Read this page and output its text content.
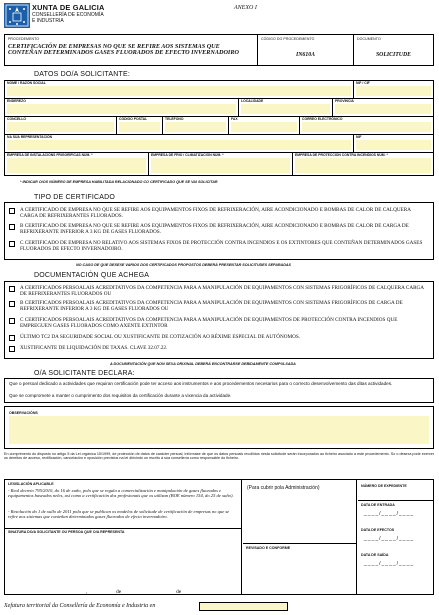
XUNTA DE GALICIA
CONSELLERÍA DE ECONOMÍA
E INDUSTRIA
ANEXO I
PROCEDEMENTO
CERTIFICACIÓN DE EMPRESAS NO QUE SE REFIRE AOS SISTEMAS QUE CONTEÑAN DETERMINADOS GASES FLUORADOS DE EFECTO INVERNADOIRO
CÓDIGO DO PROCEDEMENTO
IN610A
DOCUMENTO
SOLICITUDE
DATOS DO/A SOLICITANTE:
NOME / RAZÓN SOCIAL	NIF / CIF
ENDEREZO	LOCALIDADE	PROVINCIA
CONCELLO	CÓDIGO POSTAL	TELÉFONO	FAX	CORREO ELECTRÓNICO
NA SÚA REPRESENTACIÓN	NIF
EMPRESA DE INSTALACIÓNS FRIGORÍFICAS NÚM. *	EMPRESA DE FRIO / CLIMATIZACIÓN NÚM. *	EMPRESA DE PROTECCIÓN CONTRA INCENDIOS NÚM. *
* INDICAR O/OS NÚMERO DE EMPRESA HABILITADA RELACIONADO CO CERTIFICADO QUE SE VAI SOLICITAR
TIPO DE CERTIFICADO
A CERTIFICADO DE EMPRESA NO QUE SE REFIRE AOS EQUIPAMENTOS FIXOS DE REFRIXERACIÓN, AIRE ACONDICIONADO E BOMBAS DE CALOR DE CALQUERA CARGA DE REFRIXERANTES FLUORADOS.
B CERTIFICADO DE EMPRESA NO QUE SE REFIRE AOS EQUIPAMENTOS FIXOS DE REFRIXERACIÓN, AIRE ACONDICIONADO E BOMBAS DE CALOR DE CARGA DE REFRIXERANTE INFERIOR A 3 KG DE GASES FLUORADOS.
C CERTIFICADO DE EMPRESA NO RELATIVO AOS SISTEMAS FIXOS DE PROTECCIÓN CONTRA INCENDIOS E OS EXTINTORES QUE CONTEÑAN DETERMINADOS GASES FLUORADOS DE EFECTO INVERNADOIRO.
NO CASO DE QUE DESEXE VARIOS DOS CERTIFICADOS PROPOSTOS DEBERÁ PRESENTAR SOLICITUDES SEPARADAS
DOCUMENTACIÓN QUE ACHEGA
A CERTIFICADOS PERSOALAIS ACREDITATIVOS DA COMPETENCIA PARA A MANIPULACIÓN DE EQUIPAMENTOS CON SISTEMAS FRIGORÍFICOS DE CALQUERA CARGA DE REFRIXERANTES FLUORADOS OU
B CERTIFICADOS PERSOALAIS ACREDITATIVOS DA COMPETENCIA PARA A MANIPULACIÓN DE EQUIPAMENTOS CON SISTEMAS FRIGORÍFICOS DE CARGA DE REFRIXERANTE INFERIOR A 3 KG DE GASES FLUORADOS OU
C CERTIFICADOS PERSOALAIS ACREDITATIVOS DA COMPETENCIA PARA A MANIPULACIÓN DE EQUIPAMENTOS DE PROTECCIÓN CONTRA INCENDIOS QUE EMPREGUEN GASES FLUORADOS COMO AXENTE EXTINTOR
ÚLTIMO TC2 DA SEGURIDADE SOCIAL OU XUSTIFICANTE DE COTIZACIÓN AO RÉXIME ESPECIAL DE AUTÓNOMOS.
XUSTIFICANTE DE LIQUIDACIÓN DE TAXAS. CLAVE 32.07.22.
A DOCUMENTACIÓN QUE NON SEXA ORIXINAL DEBERÁ ENCONTRARSE DEBIDAMENTE COMPULSADA
O/A SOLICITANTE DECLARA:
Que o persoal dedicado a actividades que requiran certificación pode ter acceso aos instrumentos e aos procedementos necesarios para o correcto desenvolvemento das ditas actividades.
Que se compromete a manter o cumprimento dos requisitos da certificación durante a vixencia da actividade.
OBSERVACIÓNS
En cumprimento do disposto no artigo 5 da Lei orgánica 15/1999, de protección de datos de carácter persoal, infórmase de que os datos persoais recollidos nesta solicitude serán incorporados ao ficheiro asociado a este procedemento. So o desexa pode exercer os dereitos de acceso, rectificación, cancelación e oposición previstos na lei dirixindo un escrito á súa consellería como responsable do ficheiro.
LEXISLACIÓN APLICABLE
- Real decreto 795/2010, do 16 de xuño, polo que se regula a comercialización e manipulación de gases fluorados e equipamentos baseados neles, así como a certificación dos profesionais que os utilizan (BOE número 154, do 25 de xuño).
- Resolución do 1 de xullo de 2011 pola que se publican os modelos de solicitude de certificación de empresas no que se refire aos sistemas que conteñan determinados gases fluorados de efecto invernadoiro.
SINATURA DO/A SOLICITANTE OU PERSOA QUE O/A REPRESENTA
(Para cubrir pola Administración)
REVISADO E CONFORME
NÚMERO DE EXPEDIENTE
DATA DE ENTRADA
____/____/____
DATA DE EFECTOS
____/____/____
DATA DE SAÍDA
____/____/____
,	de	de
Xefatura territorial da Consellería de Economía e Industria en
